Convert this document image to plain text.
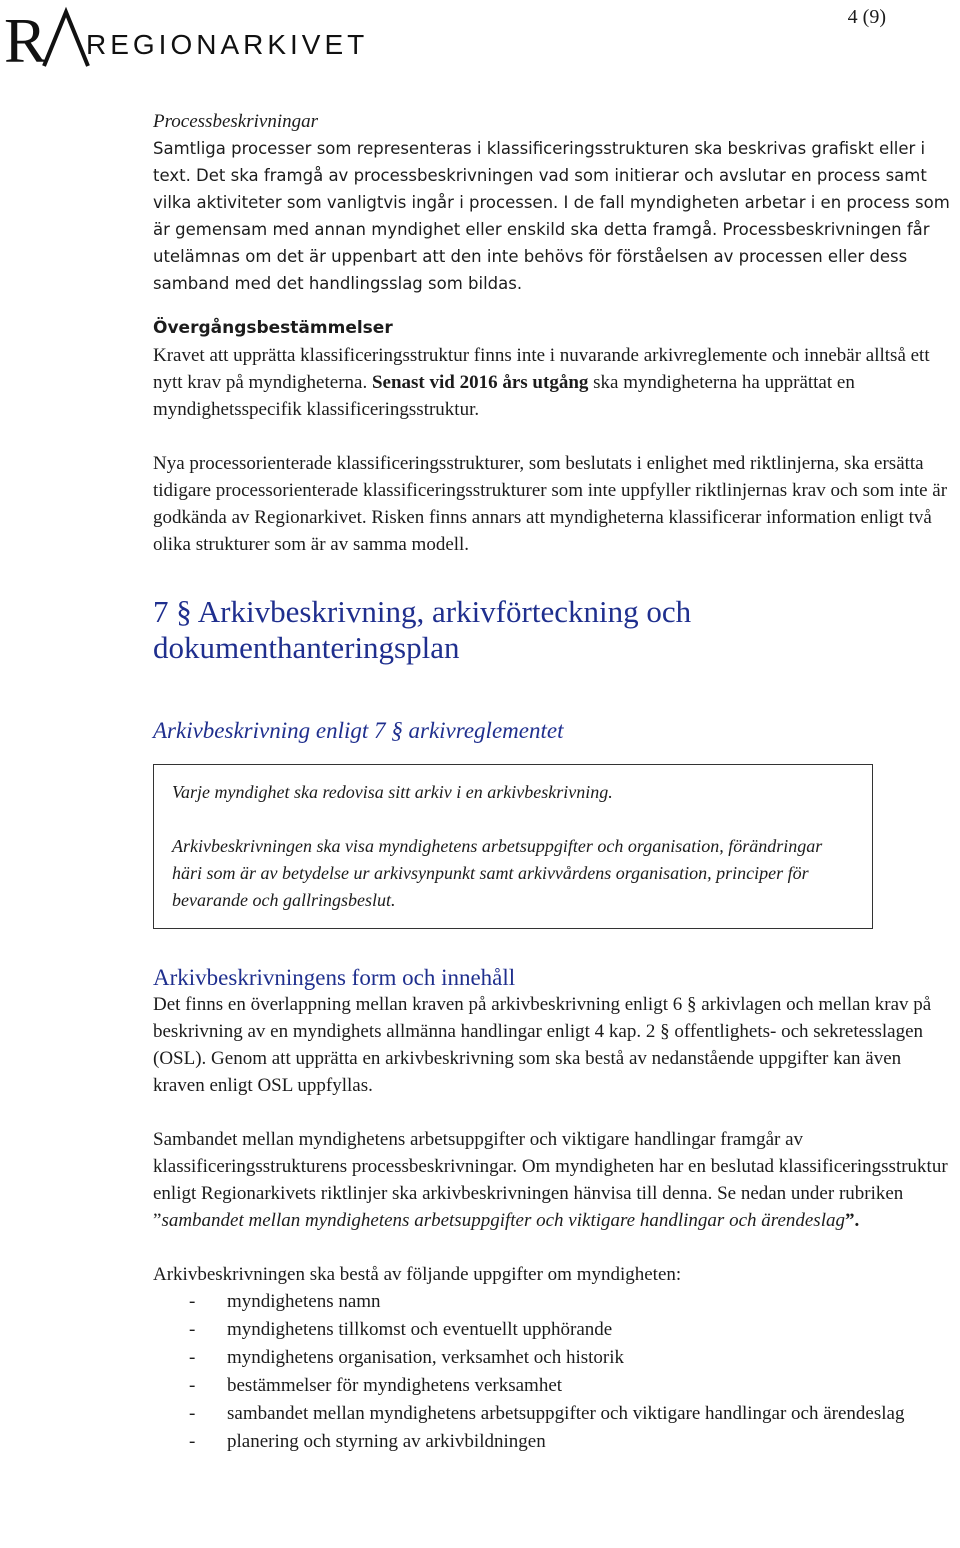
R REGIONARKIVET
4 (9)

Processbeskrivningar

Samtliga processer som representeras i klassificeringsstrukturen ska beskrivas grafiskt eller i text. Det ska framgå av processbeskrivningen vad som initierar och avslutar en process samt vilka aktiviteter som vanligtvis ingår i processen. I de fall myndigheten arbetar i en process som är gemensam med annan myndighet eller enskild ska detta framgå. Processbeskrivningen får utelämnas om det är uppenbart att den inte behövs för förståelsen av processen eller dess samband med det handlingsslag som bildas.

Övergångsbestämmelser

Kravet att upprätta klassificeringsstruktur finns inte i nuvarande arkivreglemente och innebär alltså ett nytt krav på myndigheterna. Senast vid 2016 års utgång ska myndigheterna ha upprättat en myndighetsspecifik klassificeringsstruktur.

Nya processorienterade klassificeringsstrukturer, som beslutats i enlighet med riktlinjerna, ska ersätta tidigare processorienterade klassificeringsstrukturer som inte uppfyller riktlinjernas krav och som inte är godkända av Regionarkivet. Risken finns annars att myndigheterna klassificerar information enligt två olika strukturer som är av samma modell.

7 § Arkivbeskrivning, arkivförteckning och dokumenthanteringsplan
Arkivbeskrivning enligt 7 § arkivreglementet

Varje myndighet ska redovisa sitt arkiv i en arkivbeskrivning.

Arkivbeskrivningen ska visa myndighetens arbetsuppgifter och organisation, förändringar häri som är av betydelse ur arkivsynpunkt samt arkivvårdens organisation, principer för bevarande och gallringsbeslut.

Arkivbeskrivningens form och innehåll

Det finns en överlappning mellan kraven på arkivbeskrivning enligt 6 § arkivlagen och mellan krav på beskrivning av en myndighets allmänna handlingar enligt 4 kap. 2 § offentlighets- och sekretesslagen (OSL). Genom att upprätta en arkivbeskrivning som ska bestå av nedanstående uppgifter kan även kraven enligt OSL uppfyllas.

Sambandet mellan myndighetens arbetsuppgifter och viktigare handlingar framgår av klassificeringsstrukturens processbeskrivningar. Om myndigheten har en beslutad klassificeringsstruktur enligt Regionarkivets riktlinjer ska arkivbeskrivningen hänvisa till denna. Se nedan under rubriken ”sambandet mellan myndighetens arbetsuppgifter och viktigare handlingar och ärendeslag”.

Arkivbeskrivningen ska bestå av följande uppgifter om myndigheten:

- myndighetens namn
- myndighetens tillkomst och eventuellt upphörande
- myndighetens organisation, verksamhet och historik
- bestämmelser för myndighetens verksamhet
- sambandet mellan myndighetens arbetsuppgifter och viktigare handlingar och ärendeslag
- planering och styrning av arkivbildningen
